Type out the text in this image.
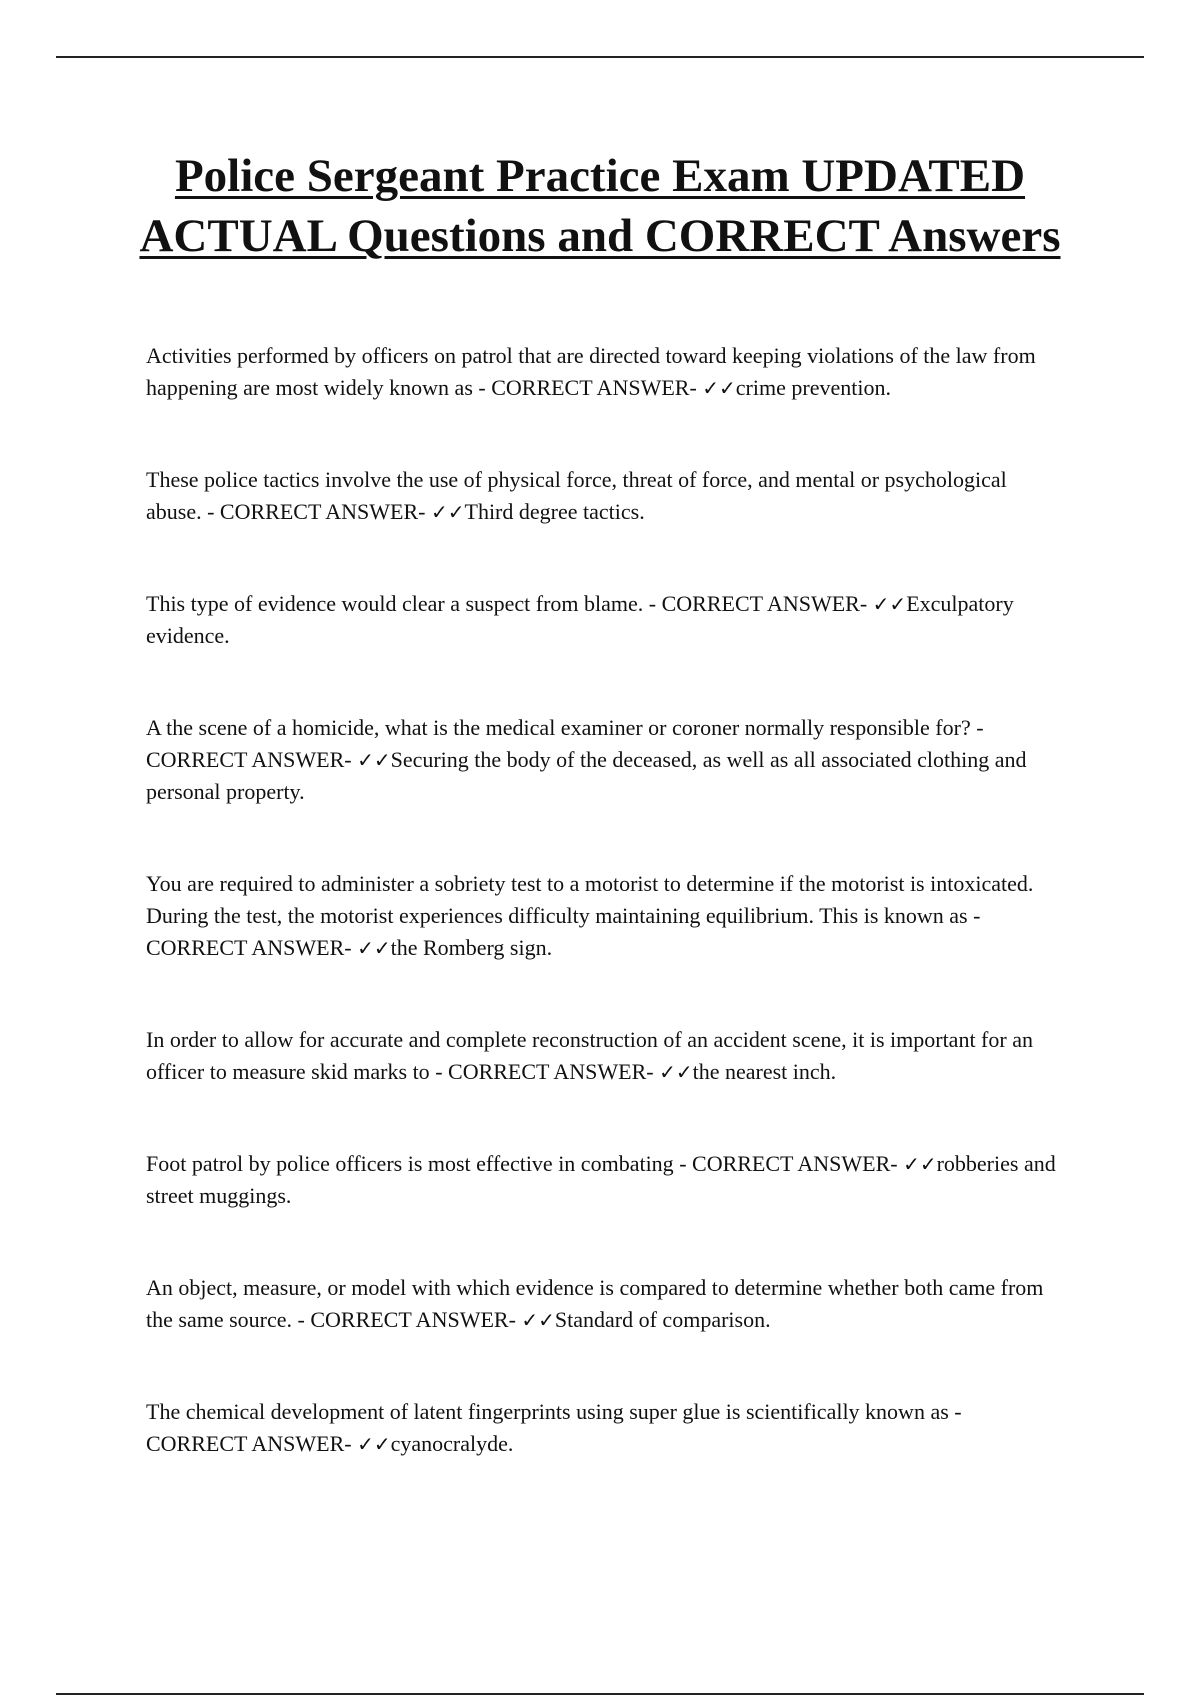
Police Sergeant Practice Exam UPDATED ACTUAL Questions and CORRECT Answers

Activities performed by officers on patrol that are directed toward keeping violations of the law from happening are most widely known as - CORRECT ANSWER- ✓✓crime prevention.

These police tactics involve the use of physical force, threat of force, and mental or psychological abuse. - CORRECT ANSWER- ✓✓Third degree tactics.

This type of evidence would clear a suspect from blame. - CORRECT ANSWER- ✓✓Exculpatory evidence.

A the scene of a homicide, what is the medical examiner or coroner normally responsible for? - CORRECT ANSWER- ✓✓Securing the body of the deceased, as well as all associated clothing and personal property.

You are required to administer a sobriety test to a motorist to determine if the motorist is intoxicated. During the test, the motorist experiences difficulty maintaining equilibrium. This is known as - CORRECT ANSWER- ✓✓the Romberg sign.

In order to allow for accurate and complete reconstruction of an accident scene, it is important for an officer to measure skid marks to - CORRECT ANSWER- ✓✓the nearest inch.

Foot patrol by police officers is most effective in combating - CORRECT ANSWER- ✓✓robberies and street muggings.

An object, measure, or model with which evidence is compared to determine whether both came from the same source. - CORRECT ANSWER- ✓✓Standard of comparison.

The chemical development of latent fingerprints using super glue is scientifically known as - CORRECT ANSWER- ✓✓cyanocralyde.
